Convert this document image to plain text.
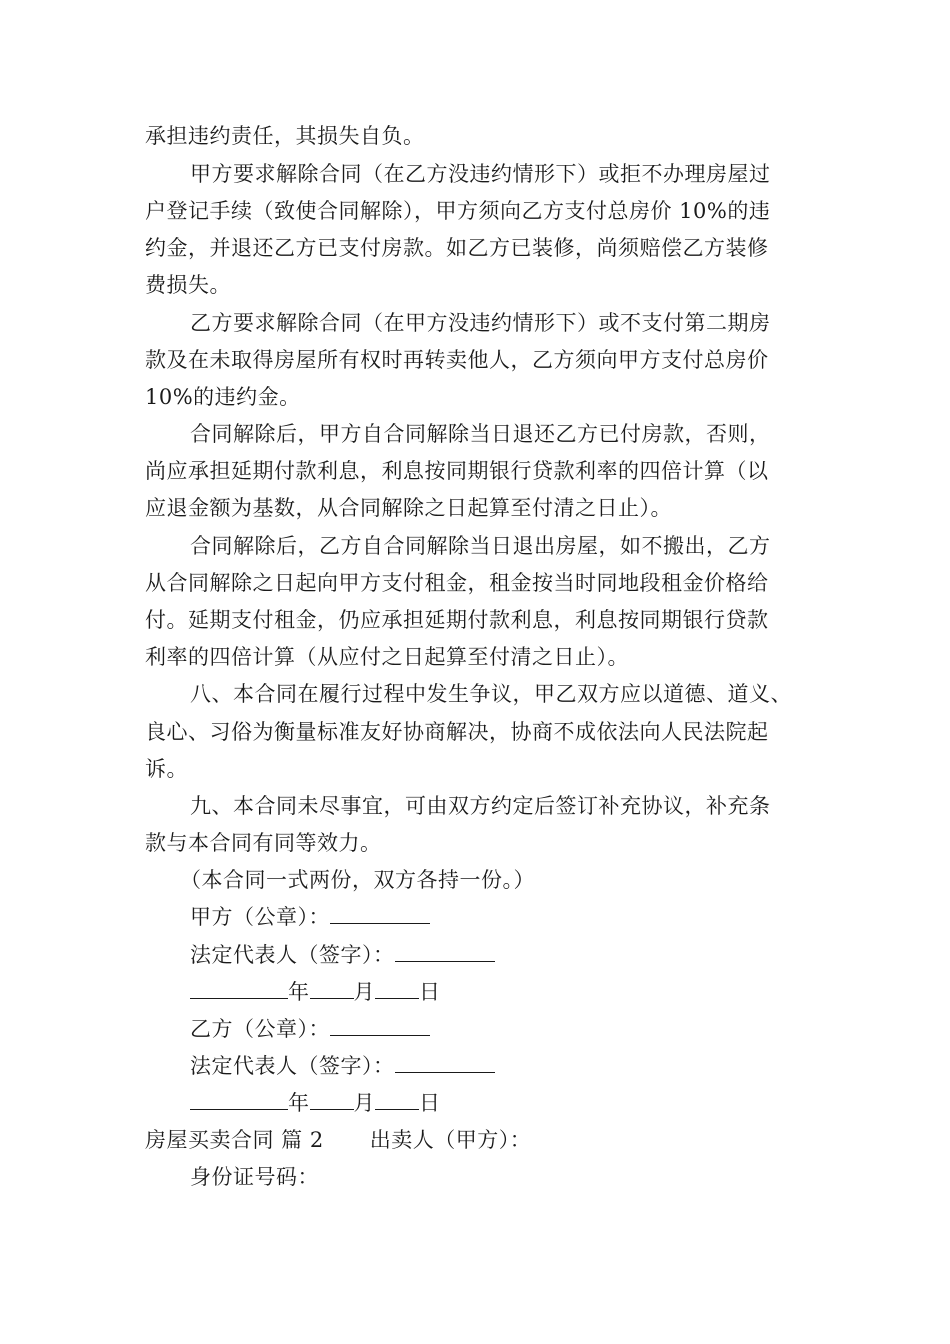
承担违约责任，其损失自负。
甲方要求解除合同（在乙方没违约情形下）或拒不办理房屋过
户登记手续（致使合同解除），甲方须向乙方支付总房价 10%的违
约金，并退还乙方已支付房款。如乙方已装修，尚须赔偿乙方装修
费损失。
乙方要求解除合同（在甲方没违约情形下）或不支付第二期房
款及在未取得房屋所有权时再转卖他人，乙方须向甲方支付总房价
10%的违约金。
合同解除后，甲方自合同解除当日退还乙方已付房款，否则，
尚应承担延期付款利息，利息按同期银行贷款利率的四倍计算（以
应退金额为基数，从合同解除之日起算至付清之日止）。
合同解除后，乙方自合同解除当日退出房屋，如不搬出，乙方
从合同解除之日起向甲方支付租金，租金按当时同地段租金价格给
付。延期支付租金，仍应承担延期付款利息，利息按同期银行贷款
利率的四倍计算（从应付之日起算至付清之日止）。
八、本合同在履行过程中发生争议，甲乙双方应以道德、道义、
良心、习俗为衡量标准友好协商解决，协商不成依法向人民法院起
诉。
九、本合同未尽事宜，可由双方约定后签订补充协议，补充条
款与本合同有同等效力。
（本合同一式两份，双方各持一份。）
甲方（公章）：
法定代表人（签字）：
年 月 日
乙方（公章）：
法定代表人（签字）：
年 月 日
房屋买卖合同 篇 2 出卖人（甲方）：
身份证号码：
